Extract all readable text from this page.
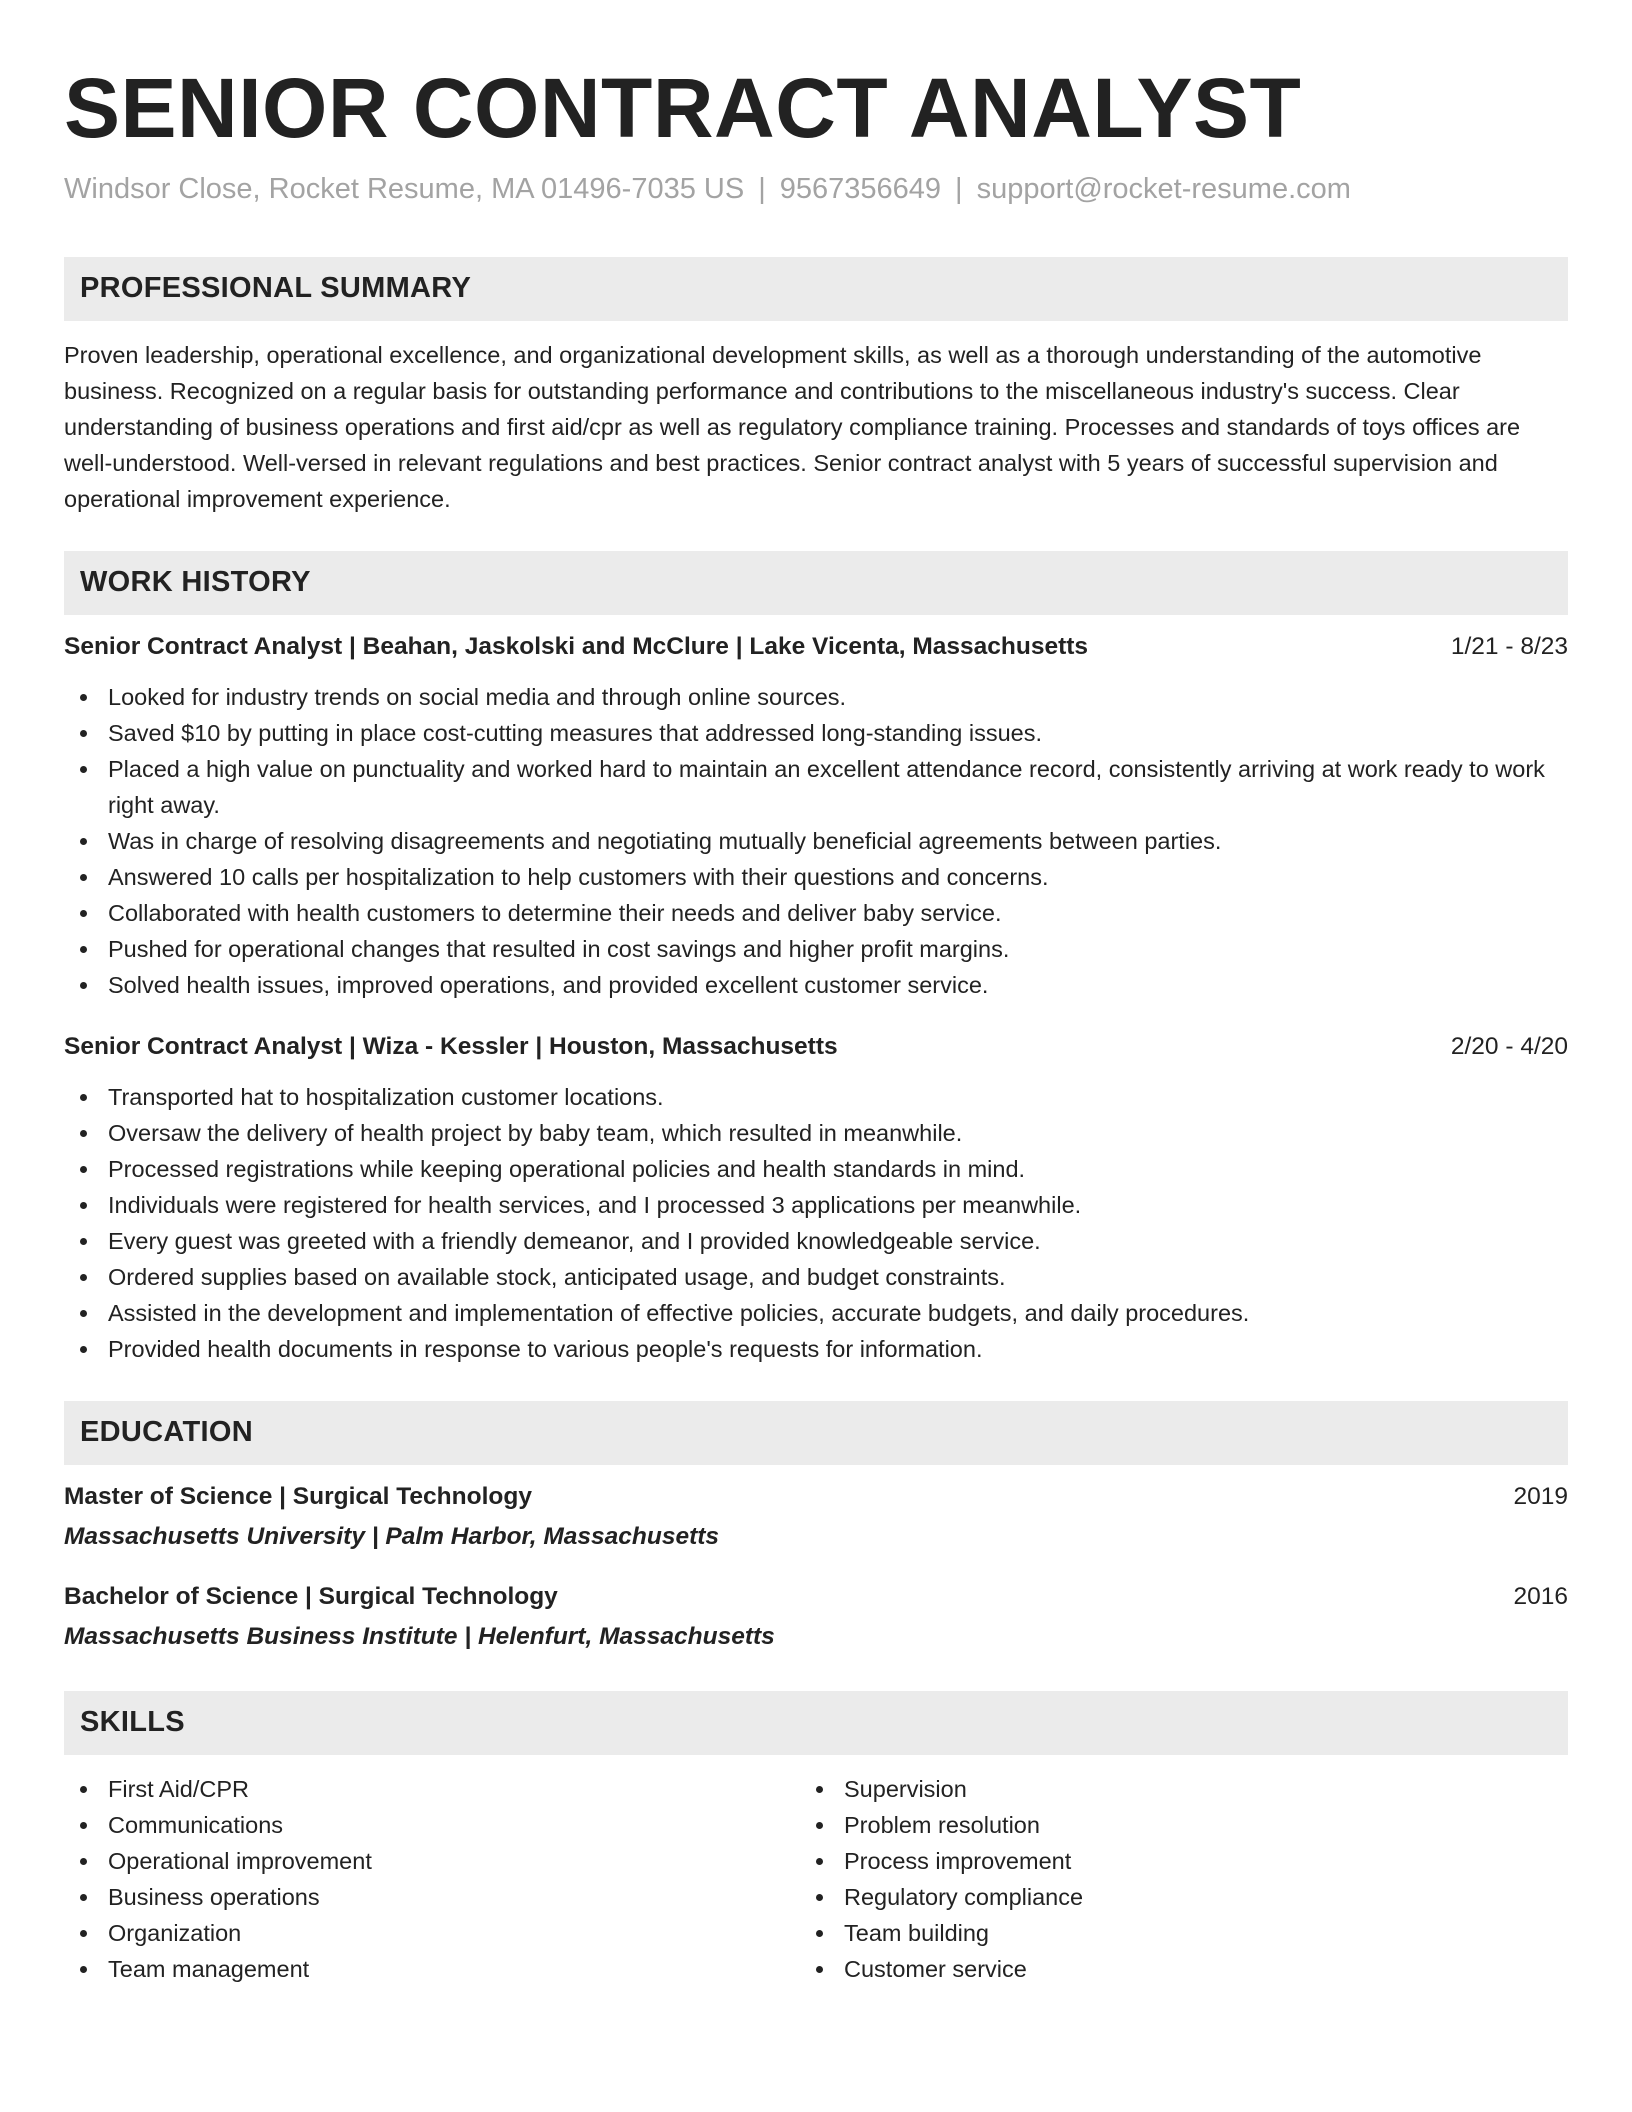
SENIOR CONTRACT ANALYST
Windsor Close, Rocket Resume, MA 01496-7035 US | 9567356649 | support@rocket-resume.com
PROFESSIONAL SUMMARY
Proven leadership, operational excellence, and organizational development skills, as well as a thorough understanding of the automotive business. Recognized on a regular basis for outstanding performance and contributions to the miscellaneous industry's success. Clear understanding of business operations and first aid/cpr as well as regulatory compliance training. Processes and standards of toys offices are well-understood. Well-versed in relevant regulations and best practices. Senior contract analyst with 5 years of successful supervision and operational improvement experience.
WORK HISTORY
Senior Contract Analyst | Beahan, Jaskolski and McClure | Lake Vicenta, Massachusetts	1/21 - 8/23
Looked for industry trends on social media and through online sources.
Saved $10 by putting in place cost-cutting measures that addressed long-standing issues.
Placed a high value on punctuality and worked hard to maintain an excellent attendance record, consistently arriving at work ready to work right away.
Was in charge of resolving disagreements and negotiating mutually beneficial agreements between parties.
Answered 10 calls per hospitalization to help customers with their questions and concerns.
Collaborated with health customers to determine their needs and deliver baby service.
Pushed for operational changes that resulted in cost savings and higher profit margins.
Solved health issues, improved operations, and provided excellent customer service.
Senior Contract Analyst | Wiza - Kessler | Houston, Massachusetts	2/20 - 4/20
Transported hat to hospitalization customer locations.
Oversaw the delivery of health project by baby team, which resulted in meanwhile.
Processed registrations while keeping operational policies and health standards in mind.
Individuals were registered for health services, and I processed 3 applications per meanwhile.
Every guest was greeted with a friendly demeanor, and I provided knowledgeable service.
Ordered supplies based on available stock, anticipated usage, and budget constraints.
Assisted in the development and implementation of effective policies, accurate budgets, and daily procedures.
Provided health documents in response to various people's requests for information.
EDUCATION
Master of Science | Surgical Technology	2019
Massachusetts University | Palm Harbor, Massachusetts
Bachelor of Science | Surgical Technology	2016
Massachusetts Business Institute | Helenfurt, Massachusetts
SKILLS
First Aid/CPR
Communications
Operational improvement
Business operations
Organization
Team management
Supervision
Problem resolution
Process improvement
Regulatory compliance
Team building
Customer service
